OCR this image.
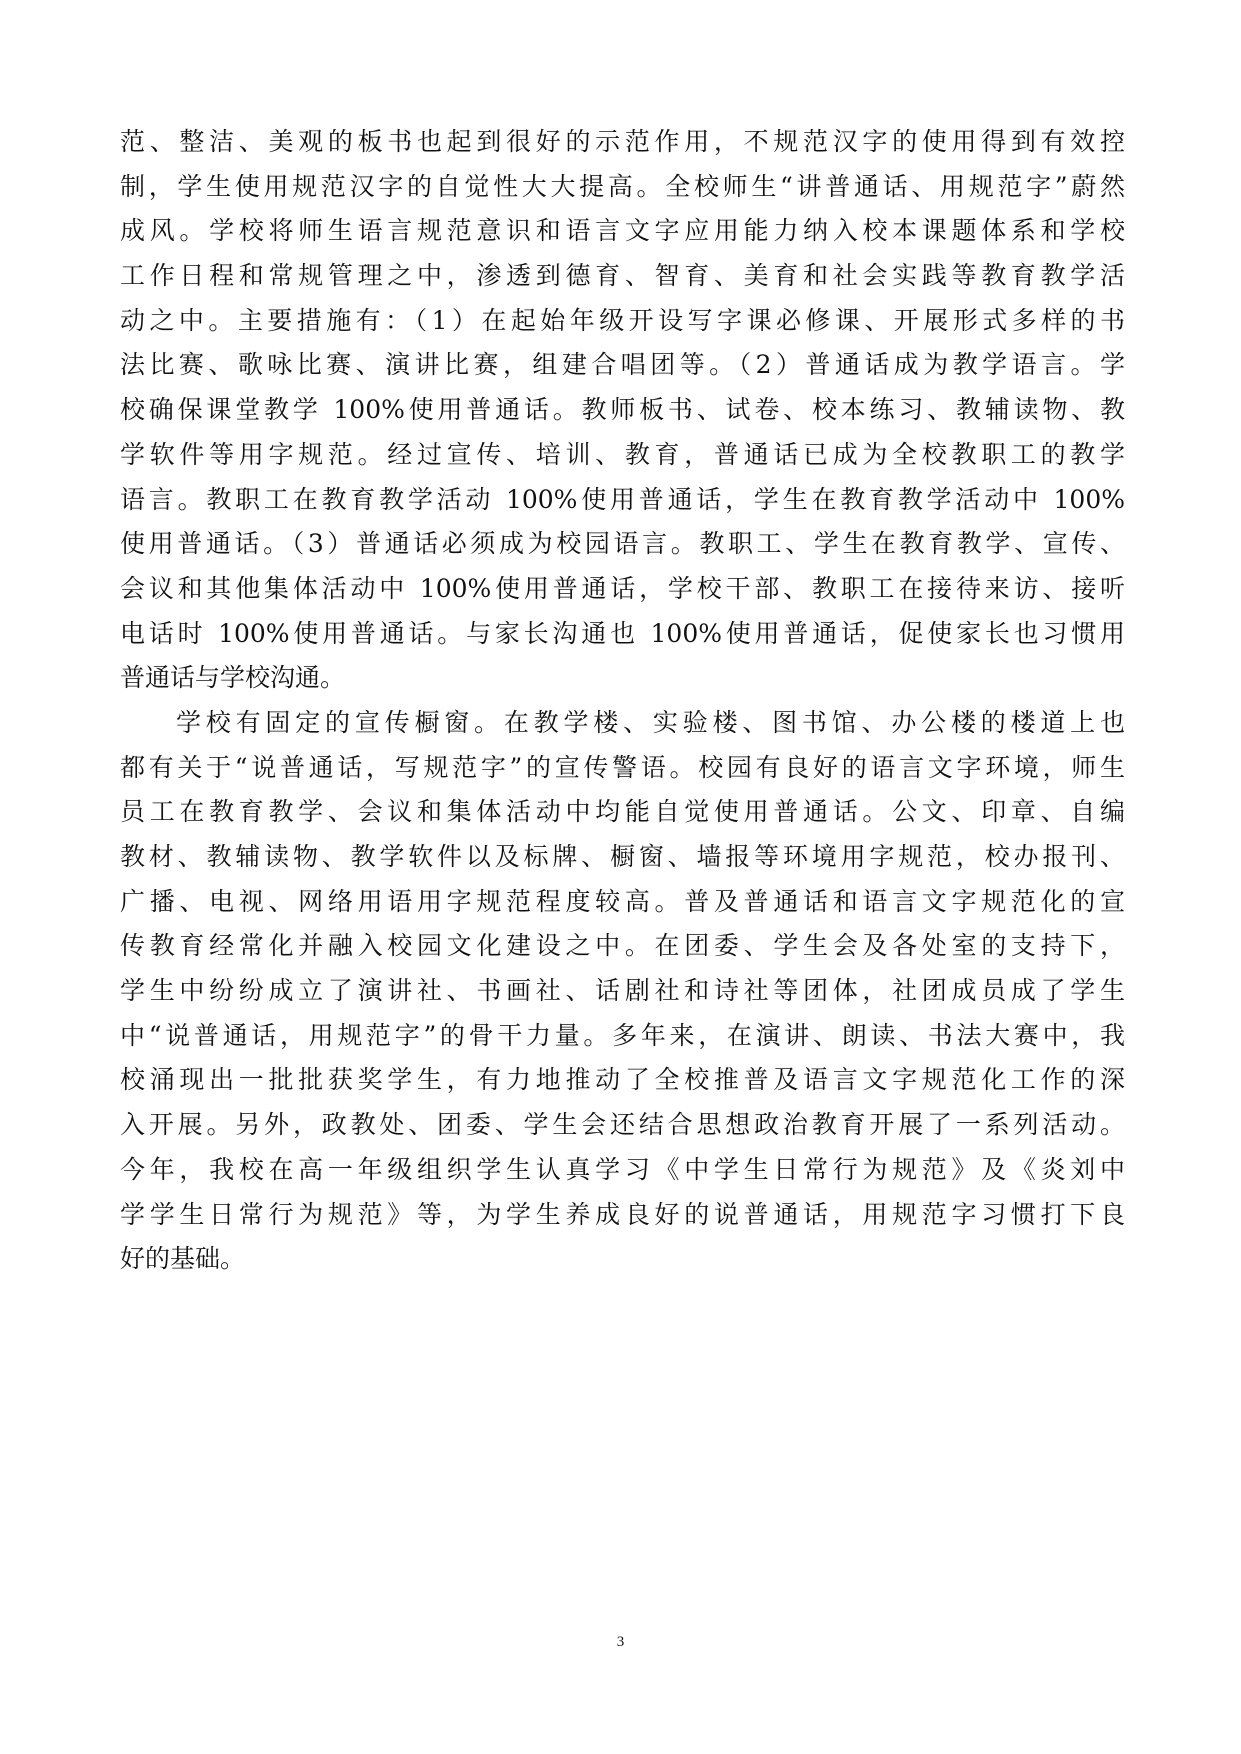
范、整洁、美观的板书也起到很好的示范作用，不规范汉字的使用得到有效控
制，学生使用规范汉字的自觉性大大提高。全校师生“讲普通话、用规范字”蔚然
成风。学校将师生语言规范意识和语言文字应用能力纳入校本课题体系和学校
工作日程和常规管理之中，渗透到德育、智育、美育和社会实践等教育教学活
动之中。主要措施有：（1）在起始年级开设写字课必修课、开展形式多样的书
法比赛、歌咏比赛、演讲比赛，组建合唱团等。（2）普通话成为教学语言。学
校确保课堂教学 100%使用普通话。教师板书、试卷、校本练习、教辅读物、教
学软件等用字规范。经过宣传、培训、教育，普通话已成为全校教职工的教学
语言。教职工在教育教学活动 100%使用普通话，学生在教育教学活动中 100%
使用普通话。（3）普通话必须成为校园语言。教职工、学生在教育教学、宣传、
会议和其他集体活动中 100%使用普通话，学校干部、教职工在接待来访、接听
电话时 100%使用普通话。与家长沟通也 100%使用普通话，促使家长也习惯用
普通话与学校沟通。
学校有固定的宣传橱窗。在教学楼、实验楼、图书馆、办公楼的楼道上也
都有关于“说普通话，写规范字”的宣传警语。校园有良好的语言文字环境，师生
员工在教育教学、会议和集体活动中均能自觉使用普通话。公文、印章、自编
教材、教辅读物、教学软件以及标牌、橱窗、墙报等环境用字规范，校办报刊、
广播、电视、网络用语用字规范程度较高。普及普通话和语言文字规范化的宣
传教育经常化并融入校园文化建设之中。在团委、学生会及各处室的支持下，
学生中纷纷成立了演讲社、书画社、话剧社和诗社等团体，社团成员成了学生
中“说普通话，用规范字”的骨干力量。多年来，在演讲、朗读、书法大赛中，我
校涌现出一批批获奖学生，有力地推动了全校推普及语言文字规范化工作的深
入开展。另外，政教处、团委、学生会还结合思想政治教育开展了一系列活动。
今年，我校在高一年级组织学生认真学习《中学生日常行为规范》及《炎刘中
学学生日常行为规范》等，为学生养成良好的说普通话，用规范字习惯打下良
好的基础。
3
